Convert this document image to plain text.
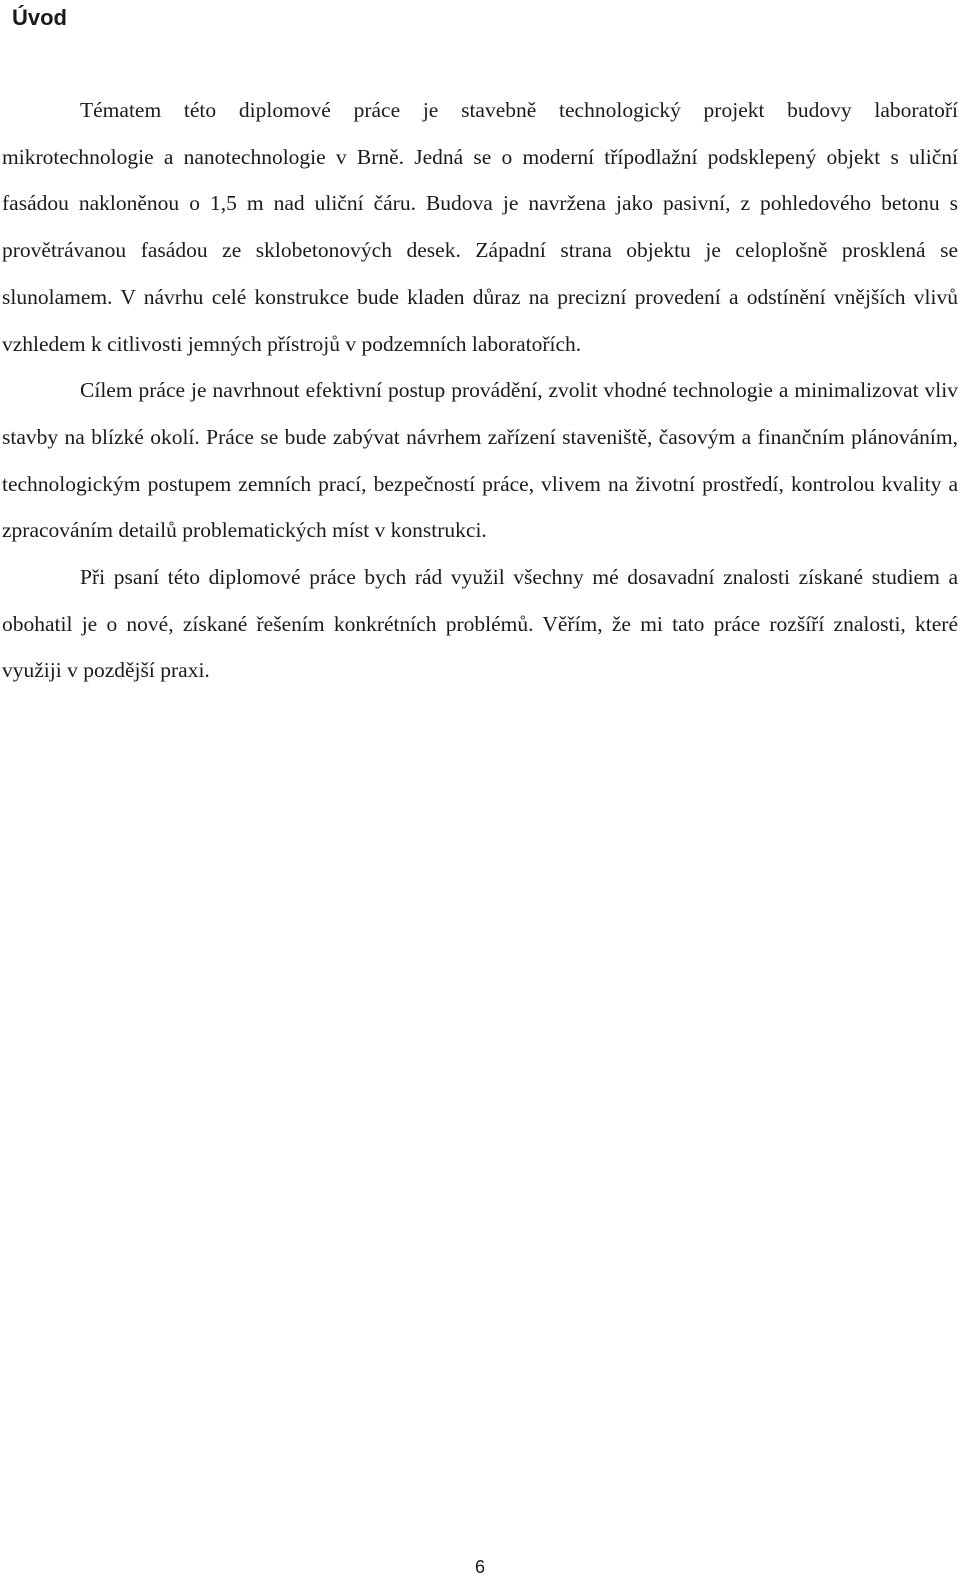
Úvod

Tématem této diplomové práce je stavebně technologický projekt budovy laboratoří mikrotechnologie a nanotechnologie v Brně. Jedná se o moderní třípodlažní podsklepený objekt s uliční fasádou nakloněnou o 1,5 m nad uliční čáru. Budova je navržena jako pasivní, z pohledového betonu s provětrávanou fasádou ze sklobetonových desek. Západní strana objektu je celoplošně prosklená se slunolamem. V návrhu celé konstrukce bude kladen důraz na precizní provedení a odstínění vnějších vlivů vzhledem k citlivosti jemných přístrojů v podzemních laboratořích.

Cílem práce je navrhnout efektivní postup provádění, zvolit vhodné technologie a minimalizovat vliv stavby na blízké okolí. Práce se bude zabývat návrhem zařízení staveniště, časovým a finančním plánováním, technologickým postupem zemních prací, bezpečností práce, vlivem na životní prostředí, kontrolou kvality a zpracováním detailů problematických míst v konstrukci.

Při psaní této diplomové práce bych rád využil všechny mé dosavadní znalosti získané studiem a obohatil je o nové, získané řešením konkrétních problémů. Věřím, že mi tato práce rozšíří znalosti, které využiji v pozdější praxi.

6
